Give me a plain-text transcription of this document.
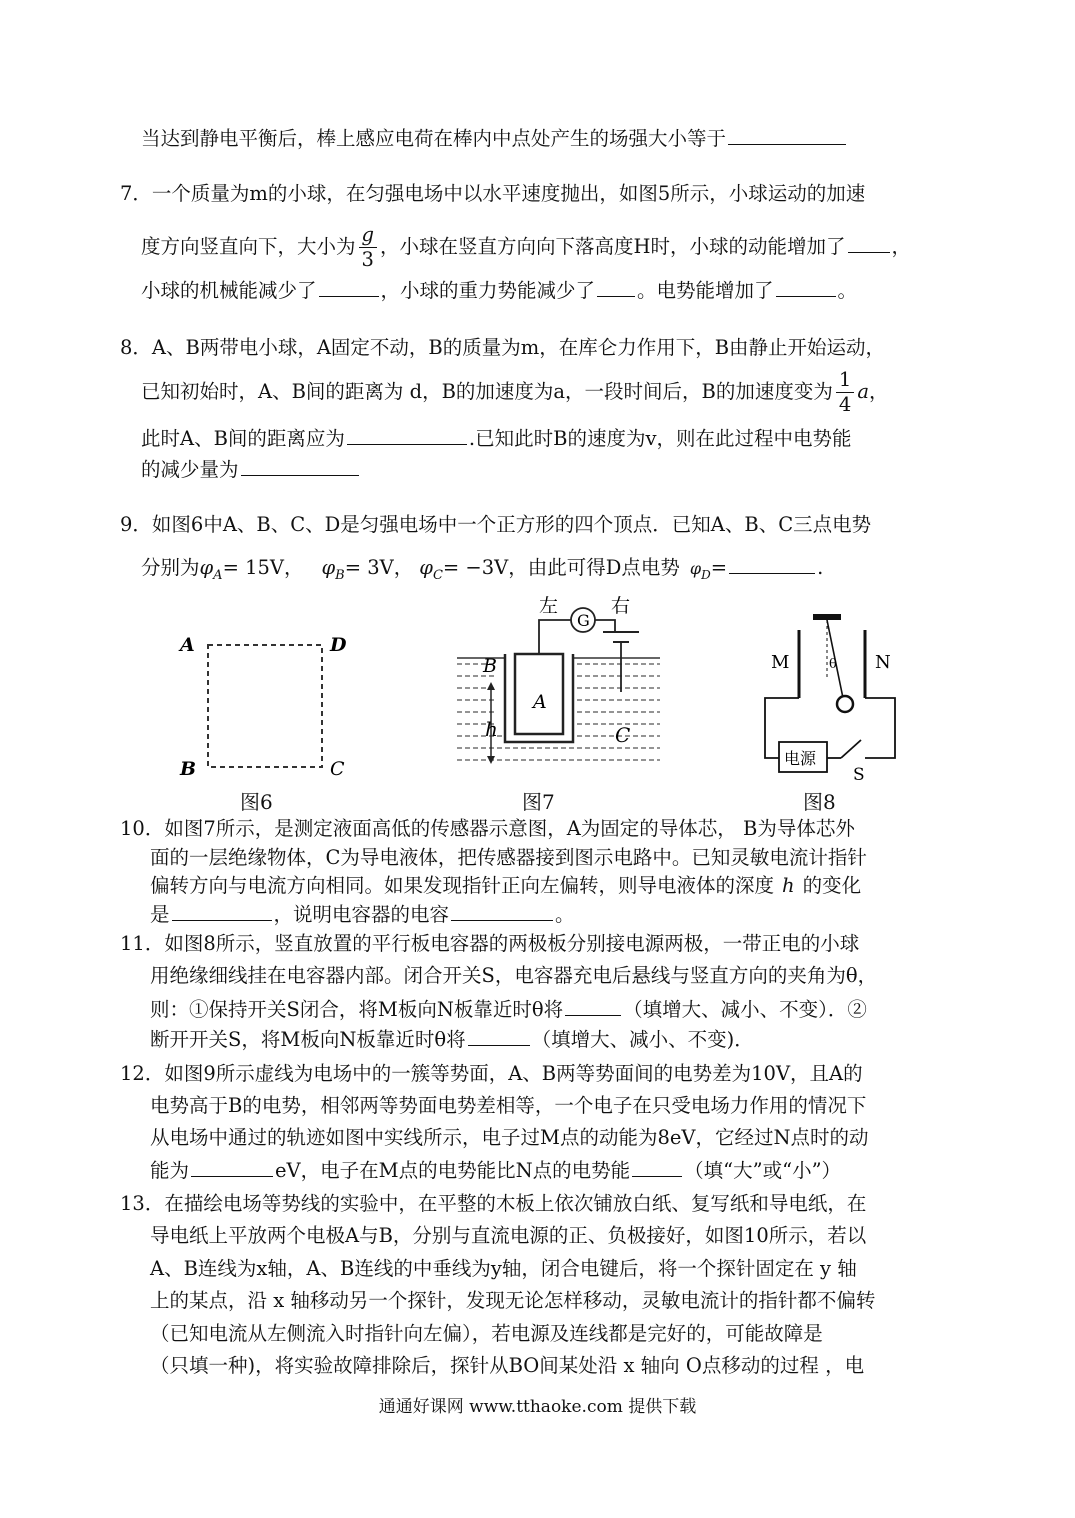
当达到静电平衡后，棒上感应电荷在棒内中点处产生的场强大小等于
7．一个质量为m的小球，在匀强电场中以水平速度抛出，如图5所示，小球运动的加速
度方向竖直向下，大小为 $\frac{g}{3}$ ，小球在竖直方向向下落高度H时，小球的动能增加了 ，
小球的机械能减少了	，小球的重力势能减少了 。电势能增加了	。
8．A、B两带电小球，A固定不动，B的质量为m，在库仑力作用下，B由静止开始运动，
已知初始时，A、B间的距离为 d，B的加速度为a，一段时间后，B的加速度变为 $\frac{1}{4}$ a，
此时A、B间的距离应为	.已知此时B的速度为v，则在此过程中电势能
的减少量为
9．如图6中A、B、C、D是匀强电场中一个正方形的四个顶点．已知A、B、C三点电势
分别为$\varphi_A= 15V$， $\varphi_B= 3V$， $\varphi_C= -3V$，由此可得D点电势 $\varphi_D=$	.
A	D
B	C
图6
G
左	右
B
A
C
h
图7
θ
M	N
电源
S
图8
10．如图7所示，是测定液面高低的传感器示意图，A为固定的导体芯， B为导体芯外
面的一层绝缘物体，C为导电液体，把传感器接到图示电路中。已知灵敏电流计指针
偏转方向与电流方向相同。如果发现指针正向左偏转，则导电液体的深度 h 的变化
是	，说明电容器的电容	。
11．如图8所示，竖直放置的平行板电容器的两极板分别接电源两极，一带正电的小球
用绝缘细线挂在电容器内部。闭合开关S，电容器充电后悬线与竖直方向的夹角为θ，
则：①保持开关S闭合，将M板向N板靠近时θ将	（填增大、减小、不变）．②
断开开关S，将M板向N板靠近时θ将	（填增大、减小、不变)．
12．如图9所示虚线为电场中的一簇等势面，A、B两等势面间的电势差为10V，且A的
电势高于B的电势，相邻两等势面电势差相等，一个电子在只受电场力作用的情况下
从电场中通过的轨迹如图中实线所示，电子过M点的动能为8eV，它经过N点时的动
能为	eV，电子在M点的电势能比N点的电势能	（填“大”或“小”）
13．在描绘电场等势线的实验中，在平整的木板上依次铺放白纸、复写纸和导电纸，在
导电纸上平放两个电极A与B，分别与直流电源的正、负极接好，如图10所示，若以
A、B连线为x轴，A、B连线的中垂线为y轴，闭合电键后，将一个探针固定在 y 轴
上的某点，沿 x 轴移动另一个探针，发现无论怎样移动，灵敏电流计的指针都不偏转
（已知电流从左侧流入时指针向左偏），若电源及连线都是完好的，可能故障是
（只填一种)，将实验故障排除后，探针从BO间某处沿 x 轴向 O点移动的过程 ，电
通通好课网 www.tthaoke.com 提供下载
